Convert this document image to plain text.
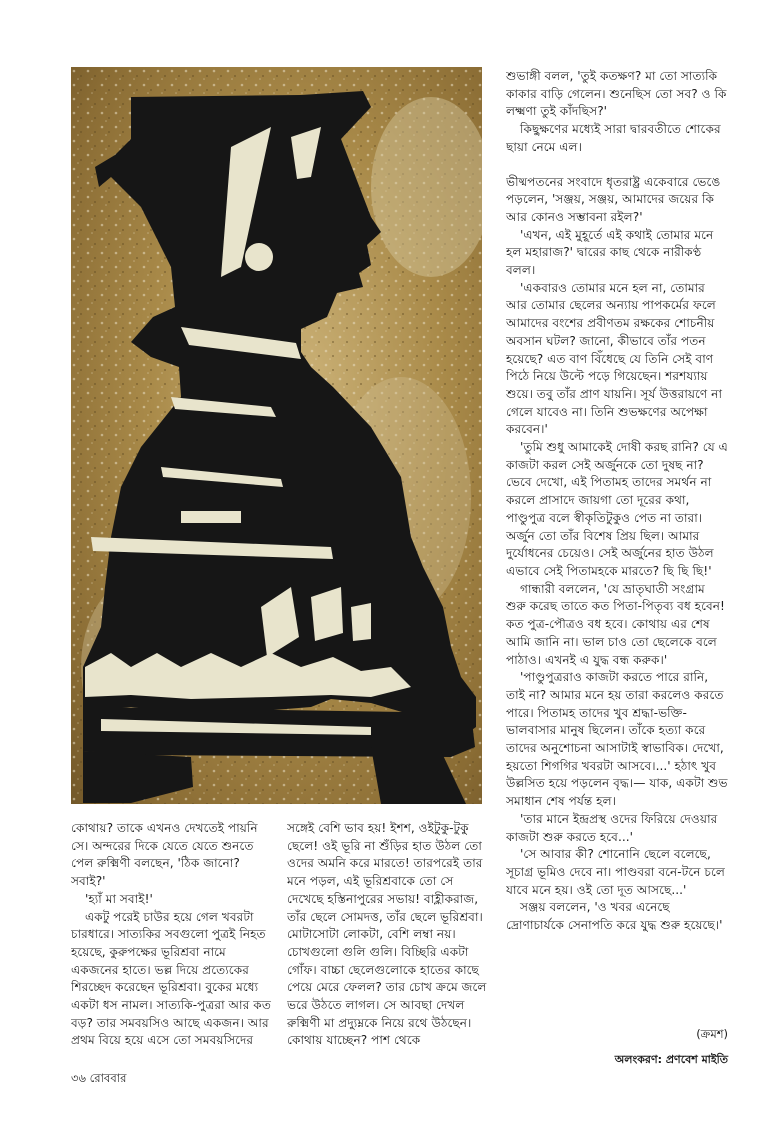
শুভাঙ্গী বলল, 'তুই কতক্ষণ? মা তো সাত্যকি কাকার বাড়ি গেলেন। শুনেছিস তো সব? ও কি লক্ষ্মণা তুই কাঁদছিস?'

কিছুক্ষণের মধ্যেই সারা দ্বারবতীতে শোকের ছায়া নেমে এল।

ভীষ্মপতনের সংবাদে ধৃতরাষ্ট্র একেবারে ভেঙে পড়লেন, 'সঞ্জয়, সঞ্জয়, আমাদের জয়ের কি আর কোনও সম্ভাবনা রইল?'

'এখন, এই মুহূর্তে এই কথাই তোমার মনে হল মহারাজ?' দ্বারের কাছ থেকে নারীকণ্ঠ বলল।

'একবারও তোমার মনে হল না, তোমার আর তোমার ছেলের অন্যায় পাপকর্মের ফলে আমাদের বংশের প্রবীণতম রক্ষকের শোচনীয় অবসান ঘটল? জানো, কীভাবে তাঁর পতন হয়েছে? এত বাণ বিঁধেছে যে তিনি সেই বাণ পিঠে নিয়ে উল্টে পড়ে গিয়েছেন। শরশয্যায় শুয়ে। তবু তাঁর প্রাণ যায়নি। সূর্য উত্তরায়ণে না গেলে যাবেও না। তিনি শুভক্ষণের অপেক্ষা করবেন।'

'তুমি শুধু আমাকেই দোষী করছ রানি? যে এ কাজটা করল সেই অর্জুনকে তো দুষছ না? ভেবে দেখো, এই পিতামহ তাদের সমর্থন না করলে প্রাসাদে জায়গা তো দূরের কথা, পাণ্ডুপুত্র বলে স্বীকৃতিটুকুও পেত না তারা। অর্জুন তো তাঁর বিশেষ প্রিয় ছিল। আমার দুর্যোধনের চেয়েও। সেই অর্জুনের হাত উঠল এভাবে সেই পিতামহকে মারতে? ছি ছি ছি!'

গান্ধারী বললেন, 'যে ভ্রাতৃঘাতী সংগ্রাম শুরু করেছ তাতে কত পিতা-পিতৃব্য বধ হবেন! কত পুত্র-পৌত্রও বধ হবে। কোথায় এর শেষ আমি জানি না। ভাল চাও তো ছেলেকে বলে পাঠাও। এখনই এ যুদ্ধ বন্ধ করুক।'

'পাণ্ডুপুত্ররাও কাজটা করতে পারে রানি, তাই না? আমার মনে হয় তারা করলেও করতে পারে। পিতামহ তাদের খুব শ্রদ্ধা-ভক্তি-ভালবাসার মানুষ ছিলেন। তাঁকে হত্যা করে তাদের অনুশোচনা আসাটাই স্বাভাবিক। দেখো, হয়তো শিগগির খবরটা আসবে।...' হঠাৎ খুব উল্লসিত হয়ে পড়লেন বৃদ্ধ।— যাক, একটা শুভ সমাধান শেষ পর্যন্ত হল।

'তার মানে ইন্দ্রপ্রস্থ ওদের ফিরিয়ে দেওয়ার কাজটা শুরু করতে হবে...'

'সে আবার কী? শোনোনি ছেলে বলেছে, সূচাগ্র ভূমিও দেবে না। পাণ্ডবরা বনে-টনে চলে যাবে মনে হয়। ওই তো দূত আসছে...'

সঞ্জয় বললেন, 'ও খবর এনেছে দ্রোণাচার্যকে সেনাপতি করে যুদ্ধ শুরু হয়েছে।'

কোথায়? তাকে এখনও দেখতেই পায়নি সে। অন্দরের দিকে যেতে যেতে শুনতে পেল রুক্মিণী বলছেন, 'ঠিক জানো? সবাই?'

'হ্যাঁ মা সবাই!'

একটু পরেই চাউর হয়ে গেল খবরটা চারধারে। সাত্যকির সবগুলো পুত্রই নিহত হয়েছে, কুরুপক্ষের ভূরিশ্রবা নামে একজনের হাতে। ভল্ল দিয়ে প্রত্যেকের শিরচ্ছেদ করেছেন ভূরিশ্রবা। বুকের মধ্যে একটা ধস নামল। সাত্যকি-পুত্ররা আর কত বড়? তার সমবয়সিও আছে একজন। আর প্রথম বিয়ে হয়ে এসে তো সমবয়সিদের

সঙ্গেই বেশি ভাব হয়! ইশশ, ওইটুকু-টুকু ছেলে! ওই ভূরি না শুঁড়ির হাত উঠল তো ওদের অমনি করে মারতে! তারপরেই তার মনে পড়ল, এই ভূরিশ্রবাকে তো সে দেখেছে হস্তিনাপুরের সভায়! বাহ্লীকরাজ, তাঁর ছেলে সোমদত্ত, তাঁর ছেলে ভূরিশ্রবা। মোটাসোটা লোকটা, বেশি লম্বা নয়। চোখগুলো গুলি গুলি। বিচ্ছিরি একটা গোঁফ। বাচ্চা ছেলেগুলোকে হাতের কাছে পেয়ে মেরে ফেলল? তার চোখ ক্রমে জলে ভরে উঠতে লাগল। সে আবছা দেখল রুক্মিণী মা প্রদ্যুম্নকে নিয়ে রথে উঠছেন। কোথায় যাচ্ছেন? পাশ থেকে	(ক্রমশ)
অলংকরণ: প্রণবেশ মাইতি
৩৬ রোববার
